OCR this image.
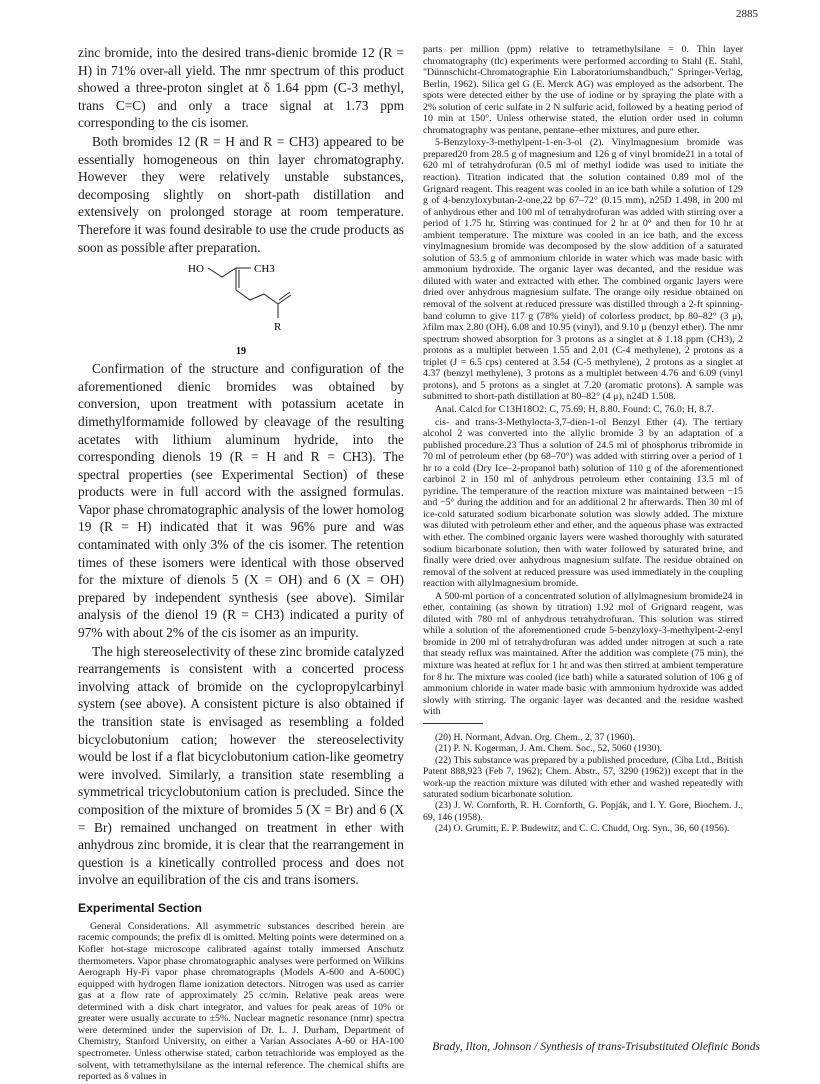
2885

zinc bromide, into the desired trans-dienic bromide 12 (R = H) in 71% over-all yield. The nmr spectrum of this product showed a three-proton singlet at δ 1.64 ppm (C-3 methyl, trans C=C) and only a trace signal at 1.73 ppm corresponding to the cis isomer.

Both bromides 12 (R = H and R = CH3) appeared to be essentially homogeneous on thin layer chromatography. However they were relatively unstable substances, decomposing slightly on short-path distillation and extensively on prolonged storage at room temperature. Therefore it was found desirable to use the crude products as soon as possible after preparation.

HO	CH3
R
19

Confirmation of the structure and configuration of the aforementioned dienic bromides was obtained by conversion, upon treatment with potassium acetate in dimethylformamide followed by cleavage of the resulting acetates with lithium aluminum hydride, into the corresponding dienols 19 (R = H and R = CH3). The spectral properties (see Experimental Section) of these products were in full accord with the assigned formulas. Vapor phase chromatographic analysis of the lower homolog 19 (R = H) indicated that it was 96% pure and was contaminated with only 3% of the cis isomer. The retention times of these isomers were identical with those observed for the mixture of dienols 5 (X = OH) and 6 (X = OH) prepared by independent synthesis (see above). Similar analysis of the dienol 19 (R = CH3) indicated a purity of 97% with about 2% of the cis isomer as an impurity.

The high stereoselectivity of these zinc bromide catalyzed rearrangements is consistent with a concerted process involving attack of bromide on the cyclopropylcarbinyl system (see above). A consistent picture is also obtained if the transition state is envisaged as resembling a folded bicyclobutonium cation; however the stereoselectivity would be lost if a flat bicyclobutonium cation-like geometry were involved. Similarly, a transition state resembling a symmetrical tricyclobutonium cation is precluded. Since the composition of the mixture of bromides 5 (X = Br) and 6 (X = Br) remained unchanged on treatment in ether with anhydrous zinc bromide, it is clear that the rearrangement in question is a kinetically controlled process and does not involve an equilibration of the cis and trans isomers.

Experimental Section

General Considerations. All asymmetric substances described herein are racemic compounds; the prefix dl is omitted. Melting points were determined on a Kofler hot-stage microscope calibrated against totally immersed Anschutz thermometers. Vapor phase chromatographic analyses were performed on Wilkins Aerograph Hy-Fi vapor phase chromatographs (Models A-600 and A-600C) equipped with hydrogen flame ionization detectors. Nitrogen was used as carrier gas at a flow rate of approximately 25 cc/min. Relative peak areas were determined with a disk chart integrator, and values for peak areas of 10% or greater were usually accurate to ±5%. Nuclear magnetic resonance (nmr) spectra were determined under the supervision of Dr. L. J. Durham, Department of Chemistry, Stanford University, on either a Varian Associates A-60 or HA-100 spectrometer. Unless otherwise stated, carbon tetrachloride was employed as the solvent, with tetramethylsilane as the internal reference. The chemical shifts are reported as δ values in

parts per million (ppm) relative to tetramethylsilane = 0. Thin layer chromatography (tlc) experiments were performed according to Stahl (E. Stahl, "Dünnschicht-Chromatographie Ein Laboratoriumshandbuch," Springer-Verlag, Berlin, 1962). Silica gel G (E. Merck AG) was employed as the adsorbent. The spots were detected either by the use of iodine or by spraying the plate with a 2% solution of ceric sulfate in 2 N sulfuric acid, followed by a heating period of 10 min at 150°. Unless otherwise stated, the elution order used in column chromatography was pentane, pentane–ether mixtures, and pure ether.

5-Benzyloxy-3-methylpent-1-en-3-ol (2). Vinylmagnesium bromide was prepared20 from 28.5 g of magnesium and 126 g of vinyl bromide21 in a total of 620 ml of tetrahydrofuran (0.5 ml of methyl iodide was used to initiate the reaction). Titration indicated that the solution contained 0.89 mol of the Grignard reagent. This reagent was cooled in an ice bath while a solution of 129 g of 4-benzyloxybutan-2-one,22 bp 67–72° (0.15 mm), n25D 1.498, in 200 ml of anhydrous ether and 100 ml of tetrahydrofuran was added with stirring over a period of 1.75 hr. Stirring was continued for 2 hr at 0° and then for 10 hr at ambient temperature. The mixture was cooled in an ice bath, and the excess vinylmagnesium bromide was decomposed by the slow addition of a saturated solution of 53.5 g of ammonium chloride in water which was made basic with ammonium hydroxide. The organic layer was decanted, and the residue was diluted with water and extracted with ether. The combined organic layers were dried over anhydrous magnesium sulfate. The orange oily residue obtained on removal of the solvent at reduced pressure was distilled through a 2-ft spinning-band column to give 117 g (78% yield) of colorless product, bp 80–82° (3 μ), λfilm max 2.80 (OH), 6.08 and 10.95 (vinyl), and 9.10 μ (benzyl ether). The nmr spectrum showed absorption for 3 protons as a singlet at δ 1.18 ppm (CH3), 2 protons as a multiplet between 1.55 and 2.01 (C-4 methylene), 2 protons as a triplet (J = 6.5 cps) centered at 3.54 (C-5 methylene), 2 protons as a singlet at 4.37 (benzyl methylene), 3 protons as a multiplet between 4.76 and 6.09 (vinyl protons), and 5 protons as a singlet at 7.20 (aromatic protons). A sample was submitted to short-path distillation at 80–82° (4 μ), n24D 1.508.

Anal. Calcd for C13H18O2: C, 75.69; H, 8.80. Found: C, 76.0; H, 8.7.

cis- and trans-3-Methylocta-3,7-dien-1-ol Benzyl Ether (4). The tertiary alcohol 2 was converted into the allylic bromide 3 by an adaptation of a published procedure.23 Thus a solution of 24.5 ml of phosphorus tribromide in 70 ml of petroleum ether (bp 68–70°) was added with stirring over a period of 1 hr to a cold (Dry Ice–2-propanol bath) solution of 110 g of the aforementioned carbinol 2 in 150 ml of anhydrous petroleum ether containing 13.5 ml of pyridine. The temperature of the reaction mixture was maintained between −15 and −5° during the addition and for an additional 2 hr afterwards. Then 30 ml of ice-cold saturated sodium bicarbonate solution was slowly added. The mixture was diluted with petroleum ether and ether, and the aqueous phase was extracted with ether. The combined organic layers were washed thoroughly with saturated sodium bicarbonate solution, then with water followed by saturated brine, and finally were dried over anhydrous magnesium sulfate. The residue obtained on removal of the solvent at reduced pressure was used immediately in the coupling reaction with allylmagnesium bromide.

A 500-ml portion of a concentrated solution of allylmagnesium bromide24 in ether, containing (as shown by titration) 1.92 mol of Grignard reagent, was diluted with 780 ml of anhydrous tetrahydrofuran. This solution was stirred while a solution of the aforementioned crude 5-benzyloxy-3-methylpent-2-enyl bromide in 200 ml of tetrahydrofuran was added under nitrogen at such a rate that steady reflux was maintained. After the addition was complete (75 min), the mixture was heated at reflux for 1 hr and was then stirred at ambient temperature for 8 hr. The mixture was cooled (ice bath) while a saturated solution of 106 g of ammonium chloride in water made basic with ammonium hydroxide was added slowly with stirring. The organic layer was decanted and the residue washed with

(20) H. Normant, Advan. Org. Chem., 2, 37 (1960).

(21) P. N. Kogerman, J. Am. Chem. Soc., 52, 5060 (1930).

(22) This substance was prepared by a published procedure, (Ciba Ltd., British Patent 888,923 (Feb 7, 1962); Chem. Abstr., 57, 3290 (1962)) except that in the work-up the reaction mixture was diluted with ether and washed repeatedly with saturated sodium bicarbonate solution.

(23) J. W. Cornforth, R. H. Cornforth, G. Popják, and I. Y. Gore, Biochem. J., 69, 146 (1958).

(24) O. Grumitt, E. P. Budewitz, and C. C. Chudd, Org. Syn., 36, 60 (1956).

Brady, Ilton, Johnson / Synthesis of trans-Trisubstituted Olefinic Bonds
